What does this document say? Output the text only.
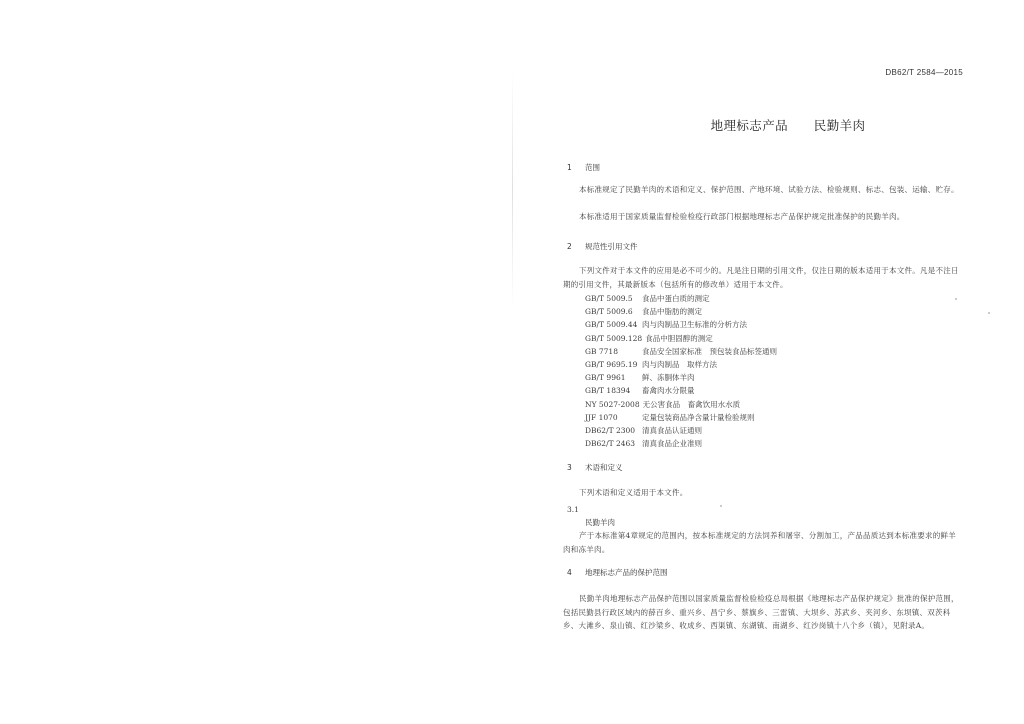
DB62/T 2584—2015
地理标志产品　　民勤羊肉
1 范围
本标准规定了民勤羊肉的术语和定义、保护范围、产地环境、试验方法、检验规则、标志、包装、运输、贮存。
本标准适用于国家质量监督检验检疫行政部门根据地理标志产品保护规定批准保护的民勤羊肉。
2 规范性引用文件
下列文件对于本文件的应用是必不可少的。凡是注日期的引用文件，仅注日期的版本适用于本文件。凡是不注日期的引用文件，其最新版本（包括所有的修改单）适用于本文件。
GB/T 5009.5 食品中蛋白质的测定
GB/T 5009.6 食品中脂肪的测定
GB/T 5009.44 肉与肉制品卫生标准的分析方法
GB/T 5009.128 食品中胆固醇的测定
GB 7718	食品安全国家标准　预包装食品标签通则
GB/T 9695.19 肉与肉制品　取样方法
GB/T 9961 鲜、冻胴体羊肉
GB/T 18394 畜禽肉水分限量
NY 5027-2008 无公害食品　畜禽饮用水水质
JJF 1070	定量包装商品净含量计量检验规则
DB62/T 2300 清真食品认证通则
DB62/T 2463 清真食品企业准则
3 术语和定义
下列术语和定义适用于本文件。
3.1
民勤羊肉
产于本标准第4章规定的范围内，按本标准规定的方法饲养和屠宰、分割加工，产品品质达到本标准要求的鲜羊肉和冻羊肉。
4 地理标志产品的保护范围
民勤羊肉地理标志产品保护范围以国家质量监督检验检疫总局根据《地理标志产品保护规定》批准的保护范围，包括民勤县行政区域内的薛百乡、重兴乡、昌宁乡、蔡旗乡、三雷镇、大坝乡、苏武乡、夹河乡、东坝镇、双茨科乡、大滩乡、泉山镇、红沙梁乡、收成乡、西渠镇、东湖镇、南湖乡、红沙岗镇十八个乡（镇），见附录A。
